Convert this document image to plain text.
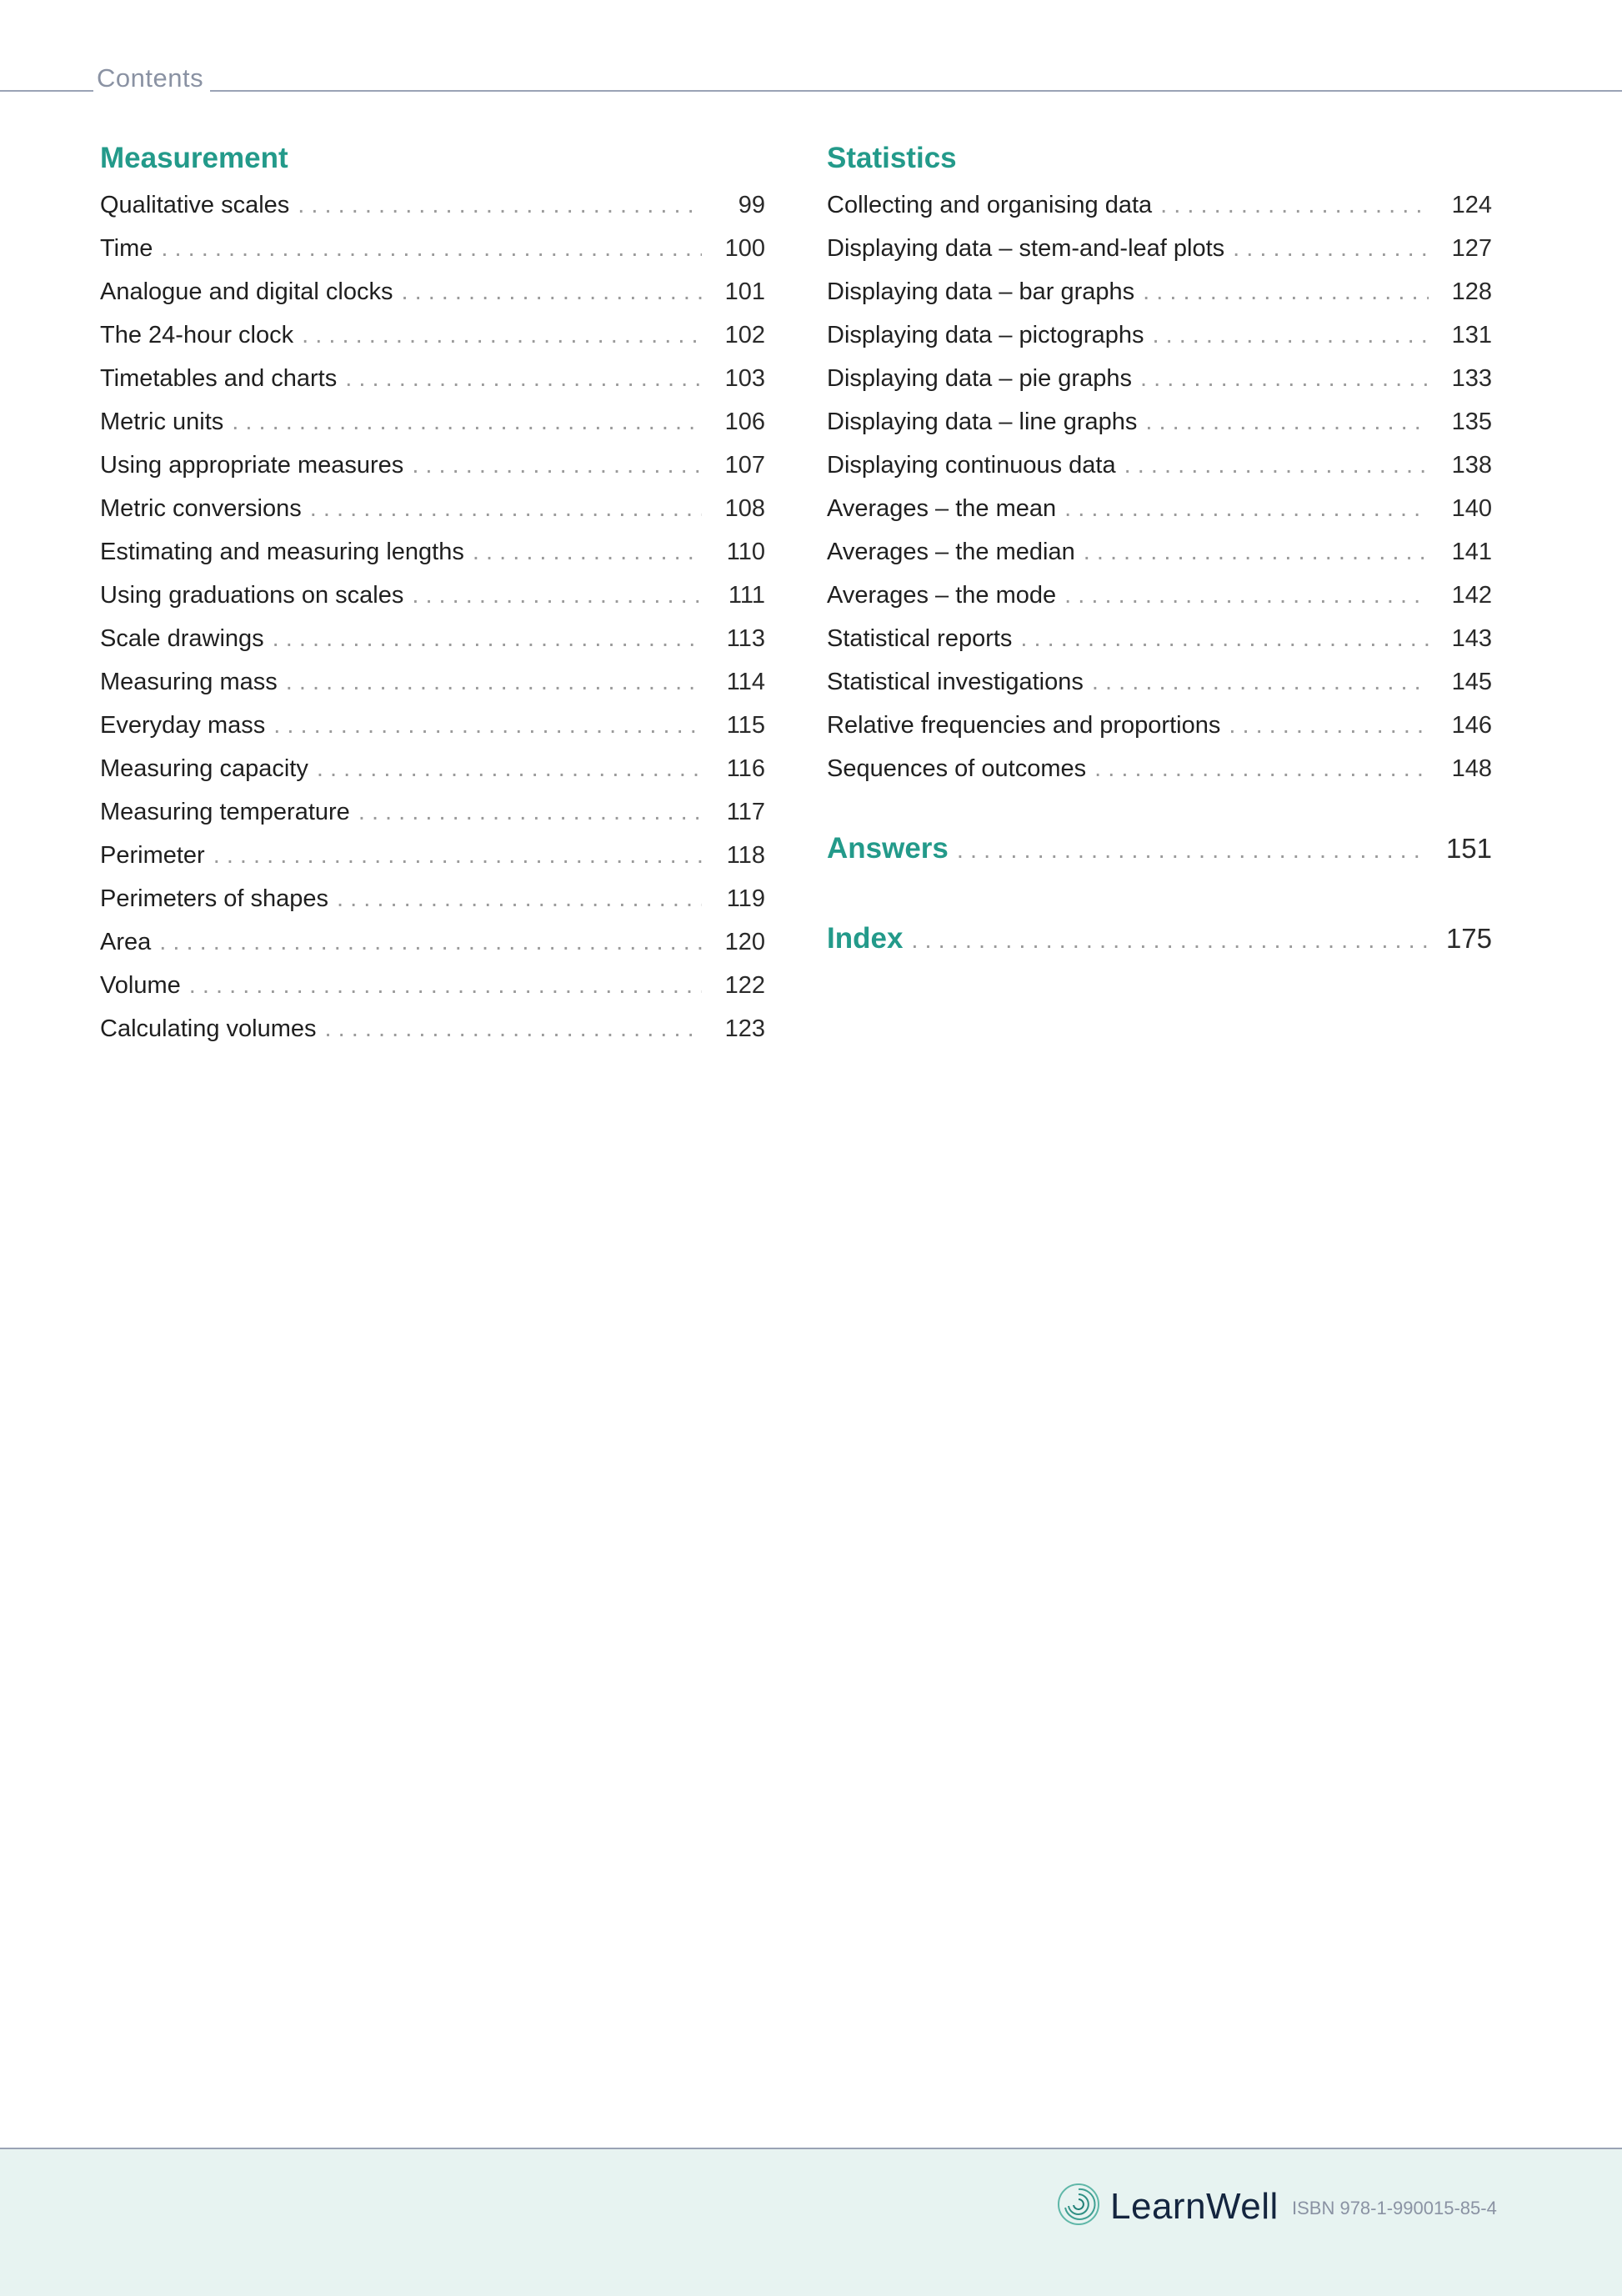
Contents
Measurement
Qualitative scales . . .	99
Time . . .	100
Analogue and digital clocks . . .	101
The 24-hour clock . . .	102
Timetables and charts . . .	103
Metric units . . .	106
Using appropriate measures . . .	107
Metric conversions . . .	108
Estimating and measuring lengths . . .	110
Using graduations on scales . . .	111
Scale drawings . . .	113
Measuring mass . . .	114
Everyday mass . . .	115
Measuring capacity . . .	116
Measuring temperature . . .	117
Perimeter . . .	118
Perimeters of shapes . . .	119
Area . . .	120
Volume . . .	122
Calculating volumes . . .	123
Statistics
Collecting and organising data . . .	124
Displaying data – stem-and-leaf plots . . .	127
Displaying data – bar graphs . . .	128
Displaying data – pictographs . . .	131
Displaying data – pie graphs . . .	133
Displaying data – line graphs . . .	135
Displaying continuous data . . .	138
Averages – the mean . . .	140
Averages – the median . . .	141
Averages – the mode . . .	142
Statistical reports . . .	143
Statistical investigations . . .	145
Relative frequencies and proportions . . .	146
Sequences of outcomes . . .	148
Answers . . .	151
Index . . .	175
LearnWell ISBN 978-1-990015-85-4
